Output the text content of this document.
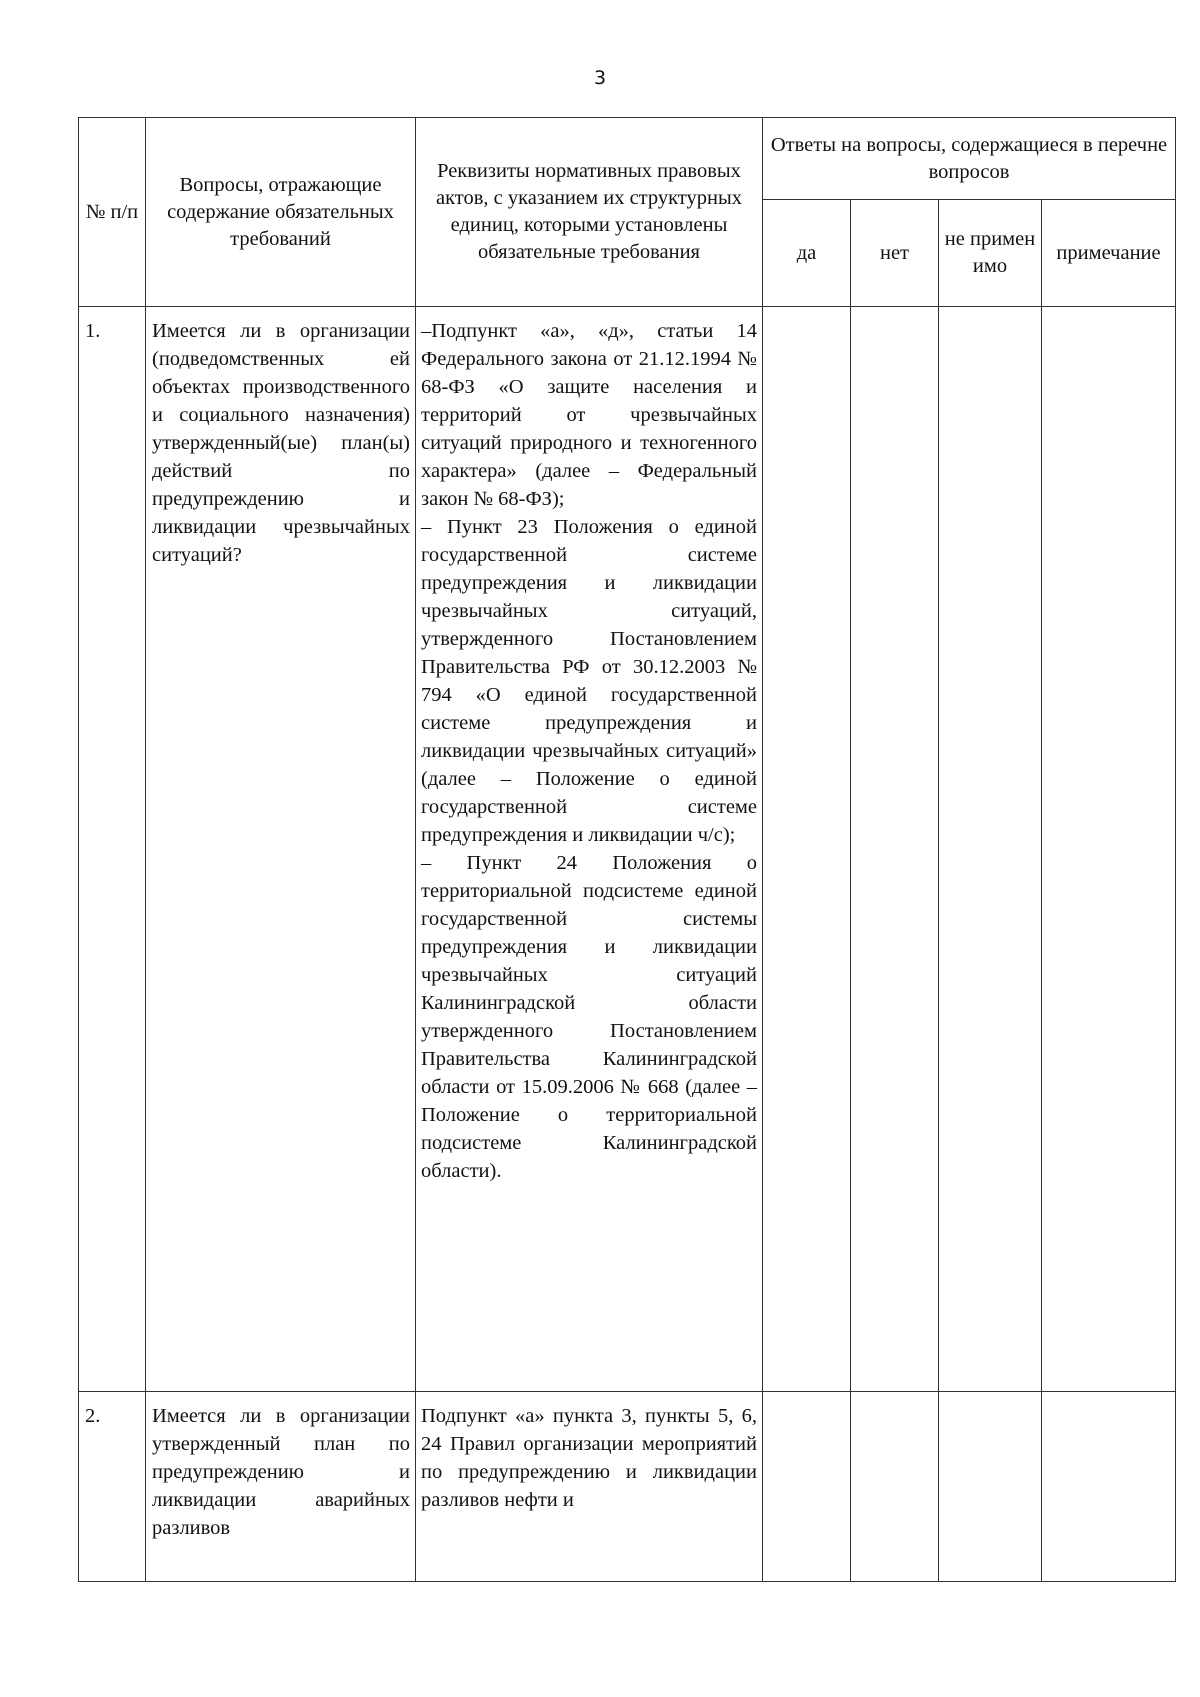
3
№ п/п	Вопросы, отражающие содержание обязательных требований	Реквизиты нормативных правовых актов, с указанием их структурных единиц, которыми установлены обязательные требования	Ответы на вопросы, содержащиеся в перечне вопросов			
			да	нет	не примен имо	примечание
1.	Имеется ли в организации (подведомственных ей объектах производственного и социального назначения) утвержденный(ые) план(ы) действий по предупреждению и ликвидации чрезвычайных ситуаций?	–Подпункт «а», «д», статьи 14 Федерального закона от 21.12.1994 № 68-ФЗ «О защите населения и территорий от чрезвычайных ситуаций природного и техногенного характера» (далее – Федеральный закон № 68-ФЗ);

– Пункт 23 Положения о единой государственной системе предупреждения и ликвидации чрезвычайных ситуаций, утвержденного Постановлением Правительства РФ от 30.12.2003 № 794 «О единой государственной системе предупреждения и ликвидации чрезвычайных ситуаций» (далее – Положение о единой государственной системе предупреждения и ликвидации ч/с);

– Пункт 24 Положения о территориальной подсистеме единой государственной системы предупреждения и ликвидации чрезвычайных ситуаций Калининградской области утвержденного Постановлением Правительства Калининградской области от 15.09.2006 № 668 (далее – Положение о территориальной подсистеме Калининградской области).				

2.	Имеется ли в организации утвержденный план по предупреждению и ликвидации аварийных разливов	Подпункт «а» пункта 3, пункты 5, 6, 24 Правил организации мероприятий по предупреждению и ликвидации разливов нефти и				
